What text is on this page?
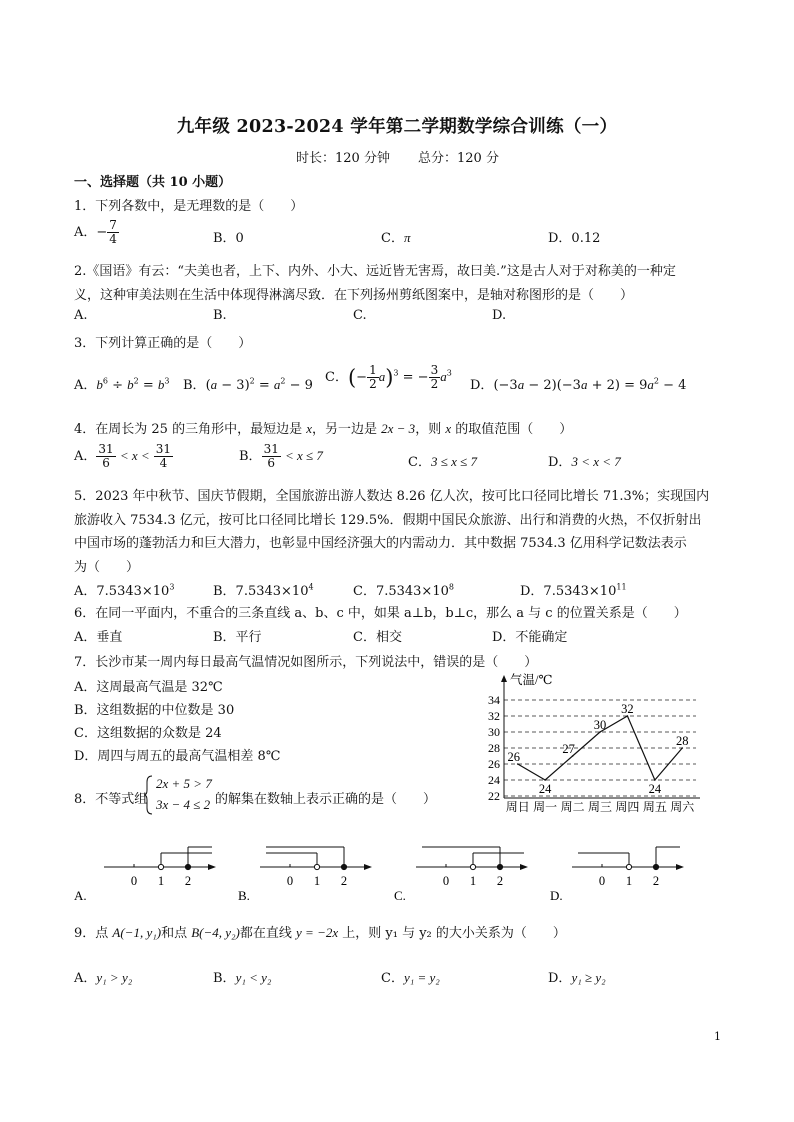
九年级 2023-2024 学年第二学期数学综合训练（一）
时长：120 分钟 总分：120 分
一、选择题（共 10 小题）
1．下列各数中，是无理数的是（　　）
A．− $\frac{7}{4}$	B．0	C．π	D．0.12
2.《国语》有云：“夫美也者，上下、内外、小大、远近皆无害焉，故曰美.”这是古人对于对称美的一种定
义，这种审美法则在生活中体现得淋漓尽致．在下列扬州剪纸图案中，是轴对称图形的是（　　）
A.	B.	C.	D.
3．下列计算正确的是（　　）
A．$b^6 \div b^2 = b^3$ B．$(a - 3)^2 = a^2 - 9$
C．(− $\frac{1}{2} a)^3$ = − $\frac{3}{2} a^3$
D．$(-3a - 2)(-3a + 2) = 9a^2 - 4$
4．在周长为 25 的三角形中，最短边是 x，另一边是 2x − 3，则 x 的取值范围（　　）
A． $\frac{31}{6} < x < \frac{31}{4}$	B． $\frac{31}{6} < x \le 7$	C．3 ≤ x ≤ 7	D．3 < x < 7
5．2023 年中秋节、国庆节假期，全国旅游出游人数达 8.26 亿人次，按可比口径同比增长 71.3%；实现国内
旅游收入 7534.3 亿元，按可比口径同比增长 129.5%．假期中国民众旅游、出行和消费的火热，不仅折射出
中国市场的蓬勃活力和巨大潜力，也彰显中国经济强大的内需动力．其中数据 7534.3 亿用科学记数法表示
为（　　）
A．$7.5343\times 10^3$	B．$7.5343\times 10^4$	C．$7.5343\times 10^8$	D．$7.5343\times 10^{11}$
6．在同一平面内，不重合的三条直线 a、b、c 中，如果 a⊥b，b⊥c，那么 a 与 c 的位置关系是（　　）
A．垂直	B．平行	C．相交	D．不能确定
7．长沙市某一周内每日最高气温情况如图所示，下列说法中，错误的是（　　）
A．这周最高气温是 32℃
B．这组数据的中位数是 30
C．这组数据的众数是 24
D．周四与周五的最高气温相差 8℃
22
24
26
28
30
32
34
周日 周一 周二 周三 周四 周五 周六
26
24
27
30
32
24
28
气温/℃
8．不等式组
2x + 5 > 7
3x − 4 ≤ 2 的解集在数轴上表示正确的是（　　）
0 1 2
A.
0 1 2
B.
0 1 2
C.
0 1 2
D.
9．点 A(−1, y₁)和点 B(−4, y₂)都在直线 y = −2x 上，则 y₁ 与 y₂ 的大小关系为（　　）
A．y₁ > y₂	B．y₁ < y₂	C．y₁ = y₂	D．y₁ ≥ y₂
1
